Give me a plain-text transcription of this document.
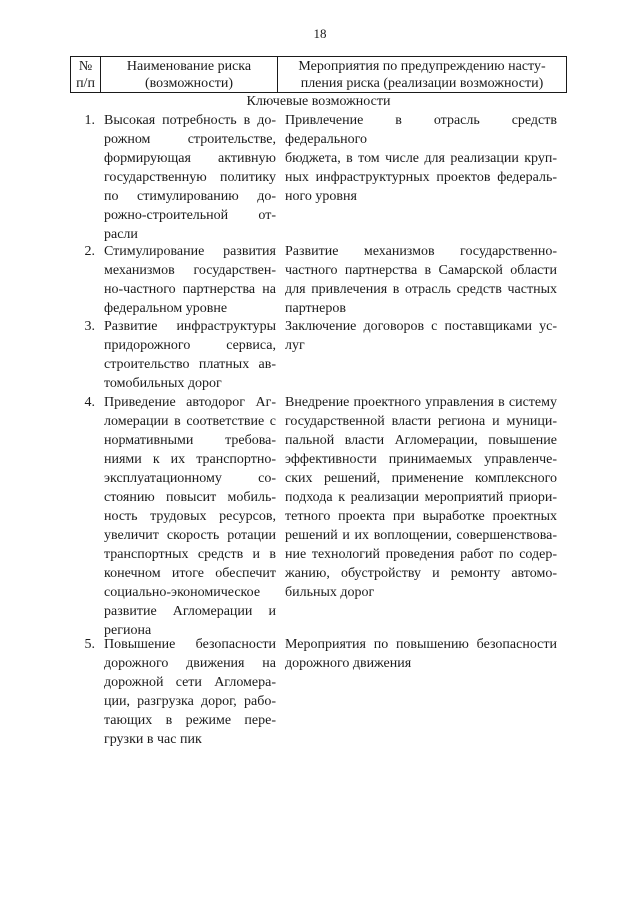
18
№
п/п
Наименование риска
(возможности)
Мероприятия по предупреждению насту-
пления риска (реализации возможности)
Ключевые возможности
1. Высокая потребность в до-
рожном строительстве,
формирующая активную
государственную политику
по стимулированию до-
рожно-строительной от-
расли
Привлечение в отрасль средств федерального
бюджета, в том числе для реализации круп-
ных инфраструктурных проектов федераль-
ного уровня
2. Стимулирование развития
механизмов государствен-
но-частного партнерства на
федеральном уровне
Развитие механизмов государственно-
частного партнерства в Самарской области
для привлечения в отрасль средств частных
партнеров
3. Развитие инфраструктуры
придорожного сервиса,
строительство платных ав-
томобильных дорог
Заключение договоров с поставщиками ус-
луг
4. Приведение автодорог Аг-
ломерации в соответствие с
нормативными требова-
ниями к их транспортно-
эксплуатационному со-
стоянию повысит мобиль-
ность трудовых ресурсов,
увеличит скорость ротации
транспортных средств и в
конечном итоге обеспечит
социально-экономическое
развитие Агломерации и
региона
Внедрение проектного управления в систему
государственной власти региона и муници-
пальной власти Агломерации, повышение
эффективности принимаемых управленче-
ских решений, применение комплексного
подхода к реализации мероприятий приори-
тетного проекта при выработке проектных
решений и их воплощении, совершенствова-
ние технологий проведения работ по содер-
жанию, обустройству и ремонту автомо-
бильных дорог
5. Повышение безопасности
дорожного движения на
дорожной сети Агломера-
ции, разгрузка дорог, рабо-
тающих в режиме пере-
грузки в час пик
Мероприятия по повышению безопасности
дорожного движения
